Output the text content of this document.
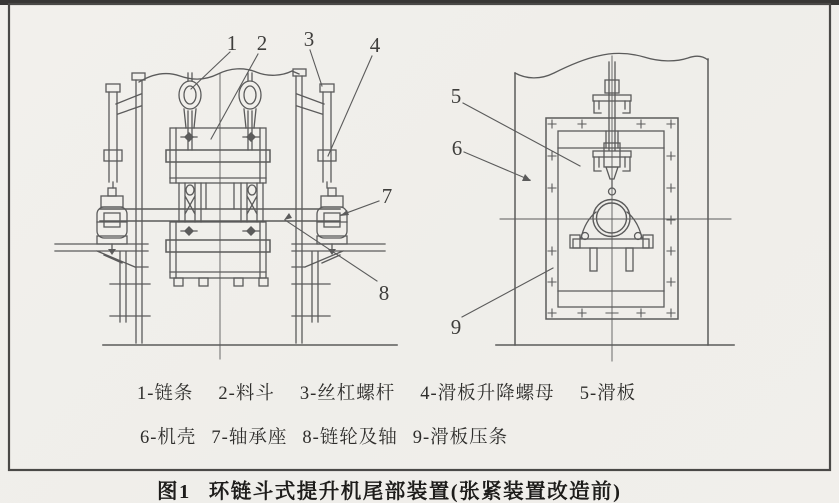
1 2 3	4
5
6
7
8
9
1-链条 2-料斗 3-丝杠螺杆 4-滑板升降螺母 5-滑板
6-机壳 7-轴承座 8-链轮及轴 9-滑板压条
图1 环链斗式提升机尾部装置(张紧装置改造前)
